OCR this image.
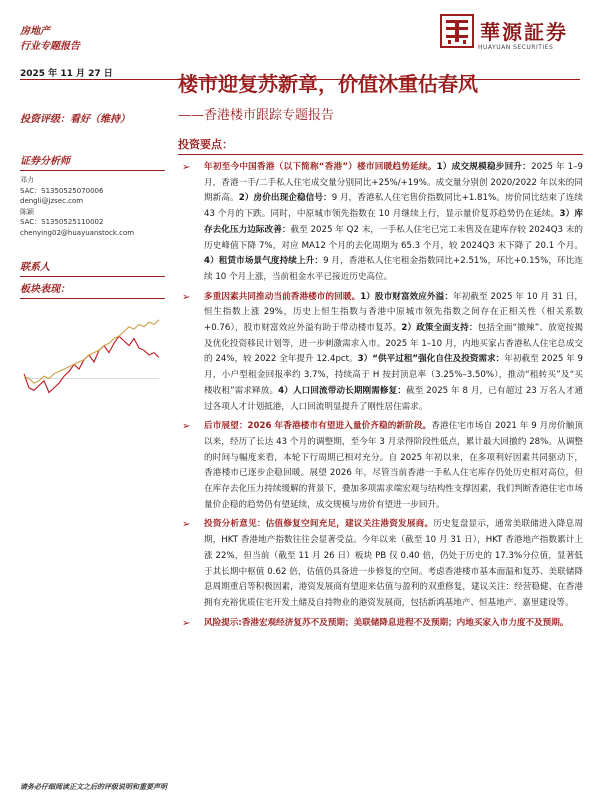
房地产
行业专题报告
華源証券
HUAYUAN SECURITIES
2025 年 11 月 27 日	楼市迎复苏新章，价值沐重估春风
——香港楼市跟踪专题报告
投资评级：看好（维持）
证券分析师
邓力
SAC：S1350525070006
dengli@jzsec.com
陈颖
SAC：S1350525110002
chenying02@huayuanstock.com
联系人
板块表现：
投资要点：
➢ 年初至今中国香港（以下简称“香港”）楼市回暖趋势延续。1）成交规模稳步回升：2025 年 1–9 月，香港一手/二手私人住宅成交量分别同比+25%/+19%。成交量分别创 2020/2022 年以来的同期新高。2）房价出现企稳信号：9 月，香港私人住宅售价指数同比+1.81%。房价同比结束了连续 43 个月的下跌。同时，中原城市领先指数在 10 月继续上行，显示量价复苏趋势仍在延续。3）库存去化压力边际改善：截至 2025 年 Q2 末，一手私人住宅已完工未售及在建库存较 2024Q3 末的历史峰值下降 7%，对应 MA12 个月的去化周期为 65.3 个月，较 2024Q3 末下降了 20.1 个月。4）租赁市场景气度持续上升：9 月，香港私人住宅租金指数同比+2.51%，环比+0.15%，环比连续 10 个月上涨，当前租金水平已接近历史高位。
➢ 多重因素共同推动当前香港楼市的回暖。1）股市财富效应外溢：年初截至 2025 年 10 月 31 日，恒生指数上涨 29%，历史上恒生指数与香港中原城市领先指数之间存在正相关性（相关系数+0.76），股市财富效应外溢有助于带动楼市复苏。2）政策全面支持：包括全面“撤辣”、放宽按揭及优化投资移民计划等，进一步刺激需求入市。2025 年 1–10 月，内地买家占香港私人住宅总成交的 24%，较 2022 全年提升 12.4pct。3）“供平过租”强化自住及投资需求：年初截至 2025 年 9 月，小户型租金回报率约 3.7%，持续高于 H 按封顶息率（3.25%–3.50%），推动“租转买”及“买楼收租”需求释放。4）人口回流带动长期刚需修复：截至 2025 年 8 月，已有超过 23 万名人才通过各项人才计划抵港，人口回流明显提升了刚性居住需求。
➢ 后市展望：2026 年香港楼市有望进入量价齐稳的新阶段。香港住宅市场自 2021 年 9 月房价触顶以来，经历了长达 43 个月的调整期，至今年 3 月录得阶段性低点，累计最大回撤约 28%。从调整的时间与幅度来看，本轮下行周期已相对充分。自 2025 年初以来，在多项利好因素共同驱动下，香港楼市已逐步企稳回暖。展望 2026 年，尽管当前香港一手私人住宅库存仍处历史相对高位，但在库存去化压力持续缓解的背景下，叠加多项需求端宏观与结构性支撑因素，我们判断香港住宅市场量价企稳的趋势仍有望延续，成交规模与房价有望进一步回升。
➢ 投资分析意见：估值修复空间充足，建议关注港资发展商。历史复盘显示，通常美联储进入降息周期，HKT 香港地产指数往往会显著受益。今年以来（截至 10 月 31 日），HKT 香港地产指数累计上涨 22%，但当前（截至 11 月 26 日）板块 PB 仅 0.40 倍，仍处于历史的 17.3%分位值，显著低于其长期中枢值 0.62 倍，估值仍具备进一步修复的空间。考虑香港楼市基本面温和复苏、美联储降息周期重启等积极因素，港资发展商有望迎来估值与盈利的双重修复，建议关注：经营稳健、在香港拥有充裕优质住宅开发土储及自持物业的港资发展商，包括新鸿基地产、恒基地产、嘉里建设等。
➢ 风险提示:香港宏观经济复苏不及预期；美联储降息进程不及预期；内地买家入市力度不及预期。
请务必仔细阅读正文之后的评级说明和重要声明
